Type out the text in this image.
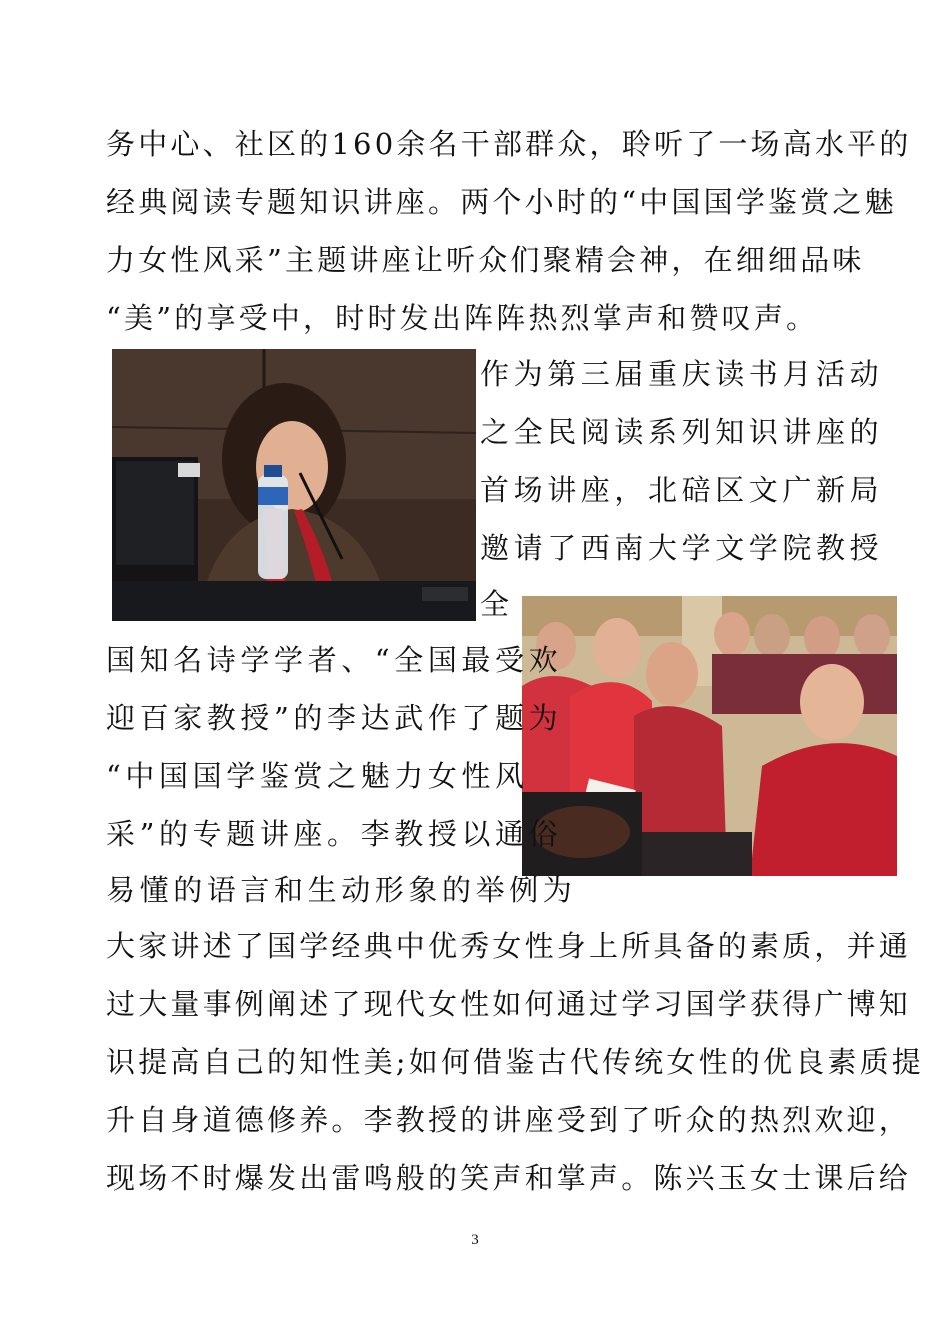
务中心、社区的160余名干部群众，聆听了一场高水平的
经典阅读专题知识讲座。两个小时的“中国国学鉴赏之魅
力女性风采”主题讲座让听众们聚精会神，在细细品味
“美”的享受中，时时发出阵阵热烈掌声和赞叹声。
作为第三届重庆读书月活动
之全民阅读系列知识讲座的
首场讲座，北碚区文广新局
邀请了西南大学文学院教授
全
国知名诗学学者、“全国最受欢
迎百家教授”的李达武作了题为
“中国国学鉴赏之魅力女性风
采”的专题讲座。李教授以通俗
易懂的语言和生动形象的举例为
大家讲述了国学经典中优秀女性身上所具备的素质，并通
过大量事例阐述了现代女性如何通过学习国学获得广博知
识提高自己的知性美;如何借鉴古代传统女性的优良素质提
升自身道德修养。李教授的讲座受到了听众的热烈欢迎，
现场不时爆发出雷鸣般的笑声和掌声。陈兴玉女士课后给
3
